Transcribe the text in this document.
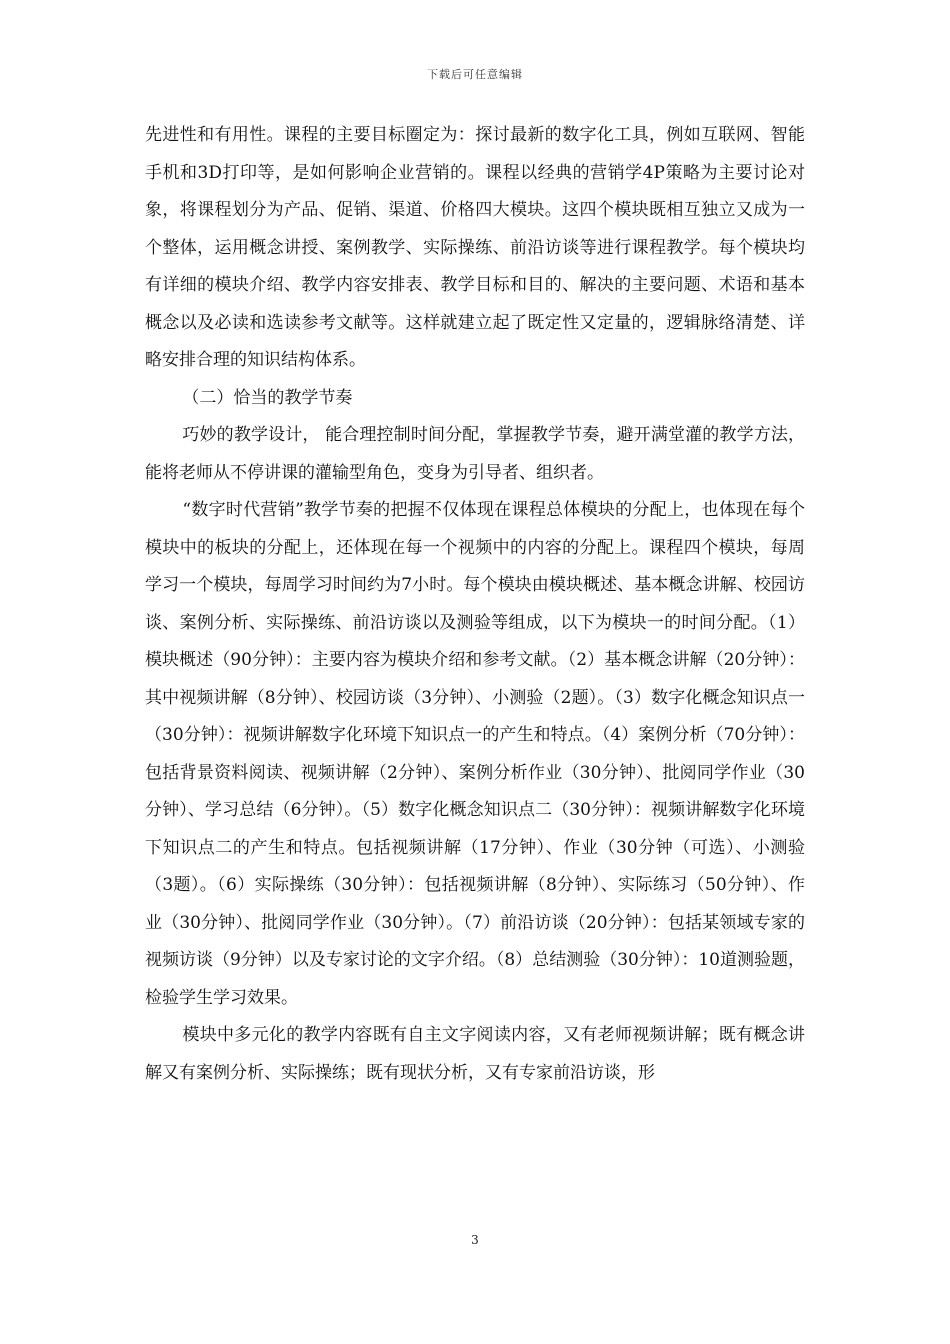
下载后可任意编辑

先进性和有用性。课程的主要目标圈定为：探讨最新的数字化工具，例如互联网、智能手机和3D打印等，是如何影响企业营销的。课程以经典的营销学4P策略为主要讨论对象，将课程划分为产品、促销、渠道、价格四大模块。这四个模块既相互独立又成为一个整体，运用概念讲授、案例教学、实际操练、前沿访谈等进行课程教学。每个模块均有详细的模块介绍、教学内容安排表、教学目标和目的、解决的主要问题、术语和基本概念以及必读和选读参考文献等。这样就建立起了既定性又定量的，逻辑脉络清楚、详略安排合理的知识结构体系。

（二）恰当的教学节奏

巧妙的教学设计， 能合理控制时间分配，掌握教学节奏，避开满堂灌的教学方法，能将老师从不停讲课的灌输型角色，变身为引导者、组织者。

“数字时代营销”教学节奏的把握不仅体现在课程总体模块的分配上，也体现在每个模块中的板块的分配上，还体现在每一个视频中的内容的分配上。课程四个模块，每周学习一个模块，每周学习时间约为7小时。每个模块由模块概述、基本概念讲解、校园访谈、案例分析、实际操练、前沿访谈以及测验等组成，以下为模块一的时间分配。（1）模块概述（90分钟）：主要内容为模块介绍和参考文献。（2）基本概念讲解（20分钟）：其中视频讲解（8分钟）、校园访谈（3分钟）、小测验（2题）。（3）数字化概念知识点一（30分钟）：视频讲解数字化环境下知识点一的产生和特点。（4）案例分析（70分钟）：包括背景资料阅读、视频讲解（2分钟）、案例分析作业（30分钟）、批阅同学作业（30分钟）、学习总结（6分钟）。（5）数字化概念知识点二（30分钟）：视频讲解数字化环境下知识点二的产生和特点。包括视频讲解（17分钟）、作业（30分钟（可选）、小测验（3题）。（6）实际操练（30分钟）：包括视频讲解（8分钟）、实际练习（50分钟）、作业（30分钟）、批阅同学作业（30分钟）。（7）前沿访谈（20分钟）：包括某领域专家的视频访谈（9分钟）以及专家讨论的文字介绍。（8）总结测验（30分钟）：10道测验题，检验学生学习效果。

模块中多元化的教学内容既有自主文字阅读内容，又有老师视频讲解；既有概念讲解又有案例分析、实际操练；既有现状分析，又有专家前沿访谈，形

3
